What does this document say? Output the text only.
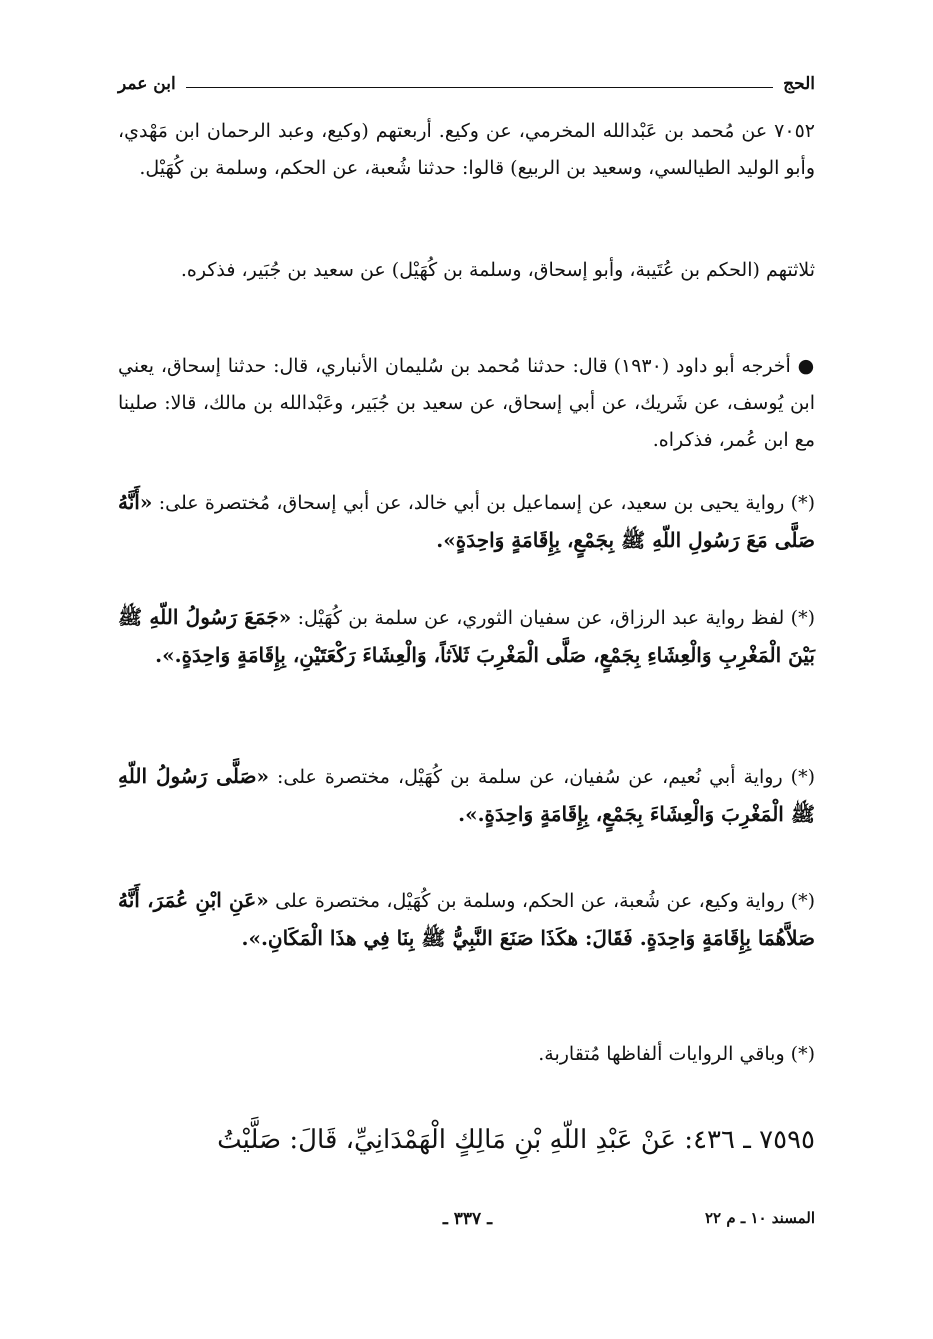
الحج
ابن عمر
٧٠٥٢ عن مُحمد بن عَبْدالله المخرمي، عن وكيع. أربعتهم (وكيع، وعبد الرحمان ابن مَهْدي، وأبو الوليد الطيالسي، وسعيد بن الربيع) قالوا: حدثنا شُعبة، عن الحكم، وسلمة بن كُهَيْل.
ثلاثتهم (الحكم بن عُتَيبة، وأبو إسحاق، وسلمة بن كُهَيْل) عن سعيد بن جُبَير، فذكره.
● أخرجه أبو داود (١٩٣٠) قال: حدثنا مُحمد بن سُليمان الأنباري، قال: حدثنا إسحاق، يعني ابن يُوسف، عن شَريك، عن أبي إسحاق، عن سعيد بن جُبَير، وعَبْدالله بن مالك، قالا: صلينا مع ابن عُمر، فذكراه.
(*) رواية يحيى بن سعيد، عن إسماعيل بن أبي خالد، عن أبي إسحاق، مُختصرة على: «أَنَّهُ صَلَّى مَعَ رَسُولِ اللّهِ ﷺ بِجَمْعٍ، بِإِقَامَةٍ وَاحِدَةٍ».
(*) لفظ رواية عبد الرزاق، عن سفيان الثوري، عن سلمة بن كُهَيْل: «جَمَعَ رَسُولُ اللّهِ ﷺ بَيْنَ الْمَغْرِبِ وَالْعِشَاءِ بِجَمْعٍ، صَلَّى الْمَغْرِبَ ثَلاَثاً، وَالْعِشَاءَ رَكْعَتَيْنِ، بِإِقَامَةٍ وَاحِدَةٍ.».
(*) رواية أبي نُعيم، عن سُفيان، عن سلمة بن كُهَيْل، مختصرة على: «صَلَّى رَسُولُ اللّهِ ﷺ الْمَغْرِبَ وَالْعِشَاءَ بِجَمْعٍ، بِإِقَامَةٍ وَاحِدَةٍ.».
(*) رواية وكيع، عن شُعبة، عن الحكم، وسلمة بن كُهَيْل، مختصرة على «عَنِ ابْنِ عُمَرَ، أَنَّهُ صَلاَّهُمَا بِإِقَامَةٍ وَاحِدَةٍ. فَقَالَ: هكَذَا صَنَعَ النَّبِيُّ ﷺ بِنَا فِي هذَا الْمَكَانِ.».
(*) وباقي الروايات ألفاظها مُتقاربة.
٧٥٩٥ ـ ٤٣٦: عَنْ عَبْدِ اللّهِ بْنِ مَالِكٍ الْهَمْدَانِيِّ، قَالَ: صَلَّيْتُ
المسند ١٠ ـ م ٢٢
ـ ٣٣٧ ـ
